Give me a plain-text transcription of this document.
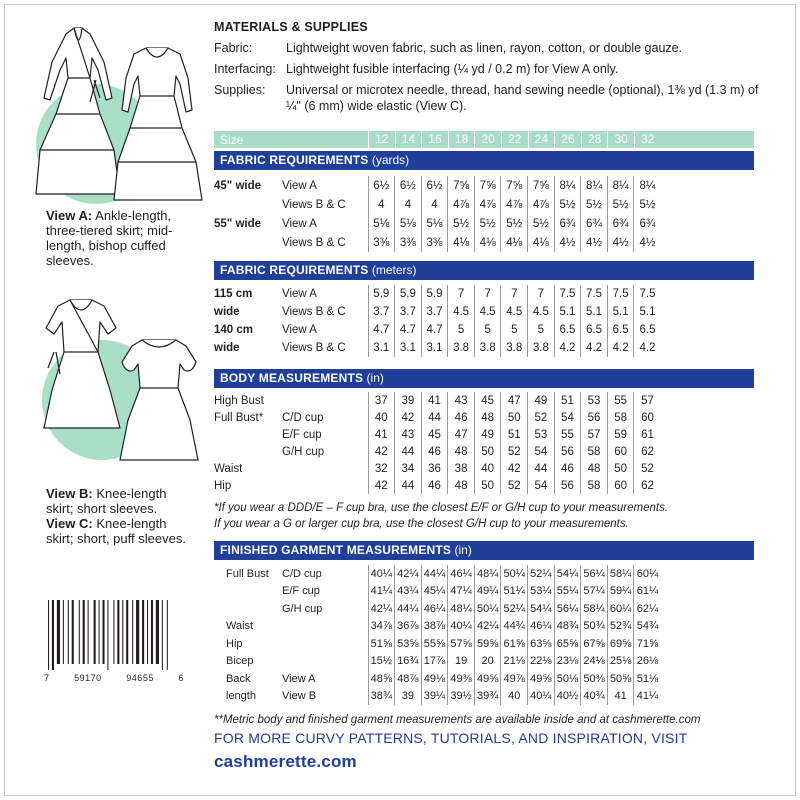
View A: Ankle-length, three-tiered skirt; mid-length, bishop cuffed sleeves.
View B: Knee-length skirt; short sleeves.
View C: Knee-length skirt; short, puff sleeves.
7	59170	94655	6
MATERIALS & SUPPLIES
Fabric:	Lightweight woven fabric, such as linen, rayon, cotton, or double gauze.
Interfacing: Lightweight fusible interfacing (¼ yd / 0.2 m) for View A only.
Supplies:	Universal or microtex needle, thread, hand sewing needle (optional), 1⅜ yd (1.3 m) of ¼" (6 mm) wide elastic (View C).
Size	12	14	16	18	20	22	24	26	28	30	32
FABRIC REQUIREMENTS (yards)
45" wide	View A	6½	6½	6½	7⅝	7⅝	7⅝	7⅝	8¼	8¼	8¼	8¼
	Views B & C	4	4	4	4⅞	4⅞	4⅞	4⅞	5½	5½	5½	5½
55" wide	View A	5⅛	5⅛	5⅛	5½	5½	5½	5½	6¾	6¾	6¾	6¾
	Views B & C	3⅜	3⅜	3⅜	4⅛	4⅛	4⅛	4⅛	4½	4½	4½	4½
FABRIC REQUIREMENTS (meters)
115 cm	View A	5.9	5.9	5.9	7	7	7	7	7.5	7.5	7.5	7.5
wide	Views B & C	3.7	3.7	3.7	4.5	4.5	4.5	4.5	5.1	5.1	5.1	5.1
140 cm	View A	4.7	4.7	4.7	5	5	5	5	6.5	6.5	6.5	6.5
wide	Views B & C	3.1	3.1	3.1	3.8	3.8	3.8	3.8	4.2	4.2	4.2	4.2
BODY MEASUREMENTS (in)
High Bust		37	39	41	43	45	47	49	51	53	55	57
Full Bust*	C/D cup	40	42	44	46	48	50	52	54	56	58	60
	E/F cup	41	43	45	47	49	51	53	55	57	59	61
	G/H cup	42	44	46	48	50	52	54	56	58	60	62
Waist		32	34	36	38	40	42	44	46	48	50	52
Hip		42	44	46	48	50	52	54	56	58	60	62
*If you wear a DDD/E – F cup bra, use the closest E/F or G/H cup to your measurements.
If you wear a G or larger cup bra, use the closest G/H cup to your measurements.
FINISHED GARMENT MEASUREMENTS (in)
Full Bust	C/D cup	40¼	42¼	44¼	46¼	48¼	50¼	52¼	54¼	56¼	58¼	60¼
	E/F cup	41¼	43¼	45¼	47¼	49¼	51¼	53¼	55¼	57¼	59¼	61¼
	G/H cup	42¼	44¼	46¼	48¼	50¼	52¼	54¼	56¼	58¼	60¼	62¼
Waist		34⅞	36⅞	38⅞	40¼	42¼	44¾	46¼	48¾	50¾	52¾	54¾
Hip		51⅝	53⅝	55⅝	57⅝	59⅝	61⅝	63⅝	65⅝	67⅝	69⅝	71⅝
Bicep		15½	16¾	17⅞	19	20	21⅛	22⅛	23⅛	24⅛	25⅛	26⅛
Back	View A	48⅝	48⅞	49⅛	49⅜	49⅝	49⅞	49⅝	50⅛	50⅜	50⅝	51⅛
length	View B	38¾	39	39¼	39½	39¾	40	40¼	40½	40¾	41	41¼
**Metric body and finished garment measurements are available inside and at cashmerette.com
FOR MORE CURVY PATTERNS, TUTORIALS, AND INSPIRATION, VISIT
cashmerette.com
